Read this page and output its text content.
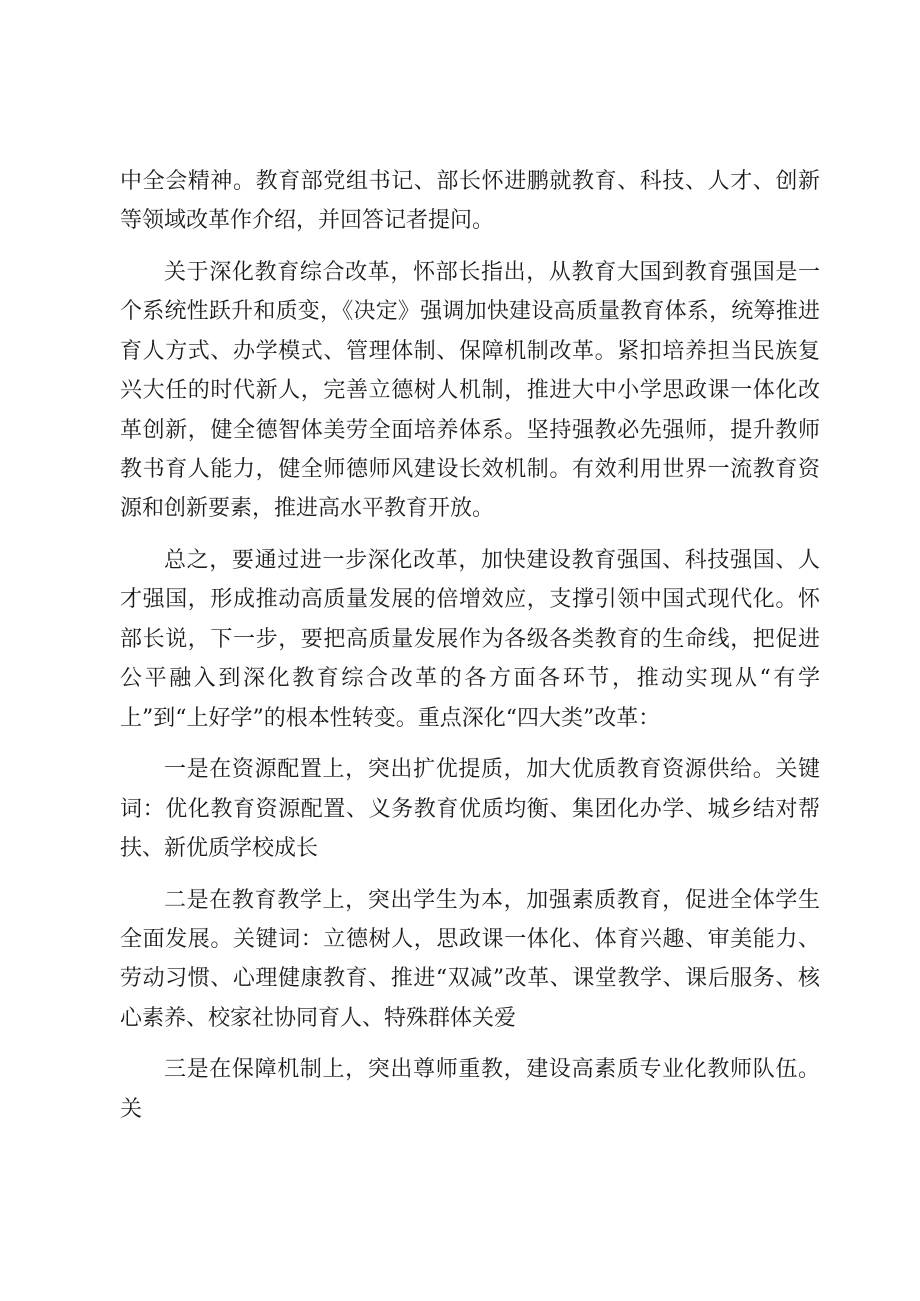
中全会精神。教育部党组书记、部长怀进鹏就教育、科技、人才、创新等领域改革作介绍，并回答记者提问。

关于深化教育综合改革，怀部长指出，从教育大国到教育强国是一个系统性跃升和质变，《决定》强调加快建设高质量教育体系，统筹推进育人方式、办学模式、管理体制、保障机制改革。紧扣培养担当民族复兴大任的时代新人，完善立德树人机制，推进大中小学思政课一体化改革创新，健全德智体美劳全面培养体系。坚持强教必先强师，提升教师教书育人能力，健全师德师风建设长效机制。有效利用世界一流教育资源和创新要素，推进高水平教育开放。

总之，要通过进一步深化改革，加快建设教育强国、科技强国、人才强国，形成推动高质量发展的倍增效应，支撑引领中国式现代化。怀部长说，下一步，要把高质量发展作为各级各类教育的生命线，把促进公平融入到深化教育综合改革的各方面各环节，推动实现从“有学上”到“上好学”的根本性转变。重点深化“四大类”改革：

一是在资源配置上，突出扩优提质，加大优质教育资源供给。关键词：优化教育资源配置、义务教育优质均衡、集团化办学、城乡结对帮扶、新优质学校成长

二是在教育教学上，突出学生为本，加强素质教育，促进全体学生全面发展。关键词：立德树人，思政课一体化、体育兴趣、审美能力、劳动习惯、心理健康教育、推进“双减”改革、课堂教学、课后服务、核心素养、校家社协同育人、特殊群体关爱

三是在保障机制上，突出尊师重教，建设高素质专业化教师队伍。关
